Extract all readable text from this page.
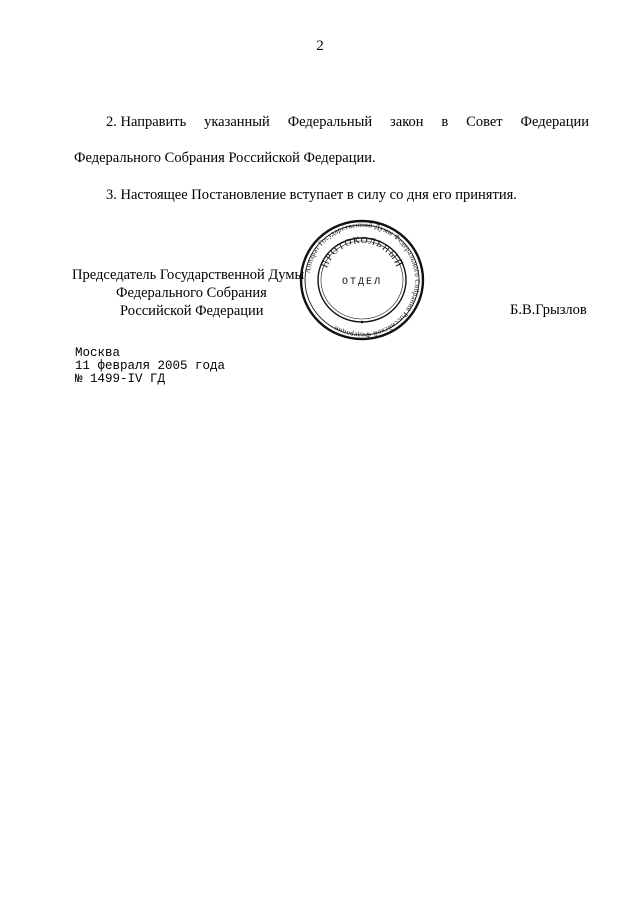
2
2. Направить указанный Федеральный закон в Совет Федерации
Федерального Собрания Российской Федерации.
3. Настоящее Постановление вступает в силу со дня его принятия.
Председатель Государственной Думы
Федерального Собрания
Российской Федерации
Аппарат Государственной Думы Федерального Собрания Российской Федерации
ПРОТОКОЛЬНЫЙ
ОТДЕЛ
Б.В.Грызлов
Москва
11 февраля 2005 года
№ 1499-IV ГД
